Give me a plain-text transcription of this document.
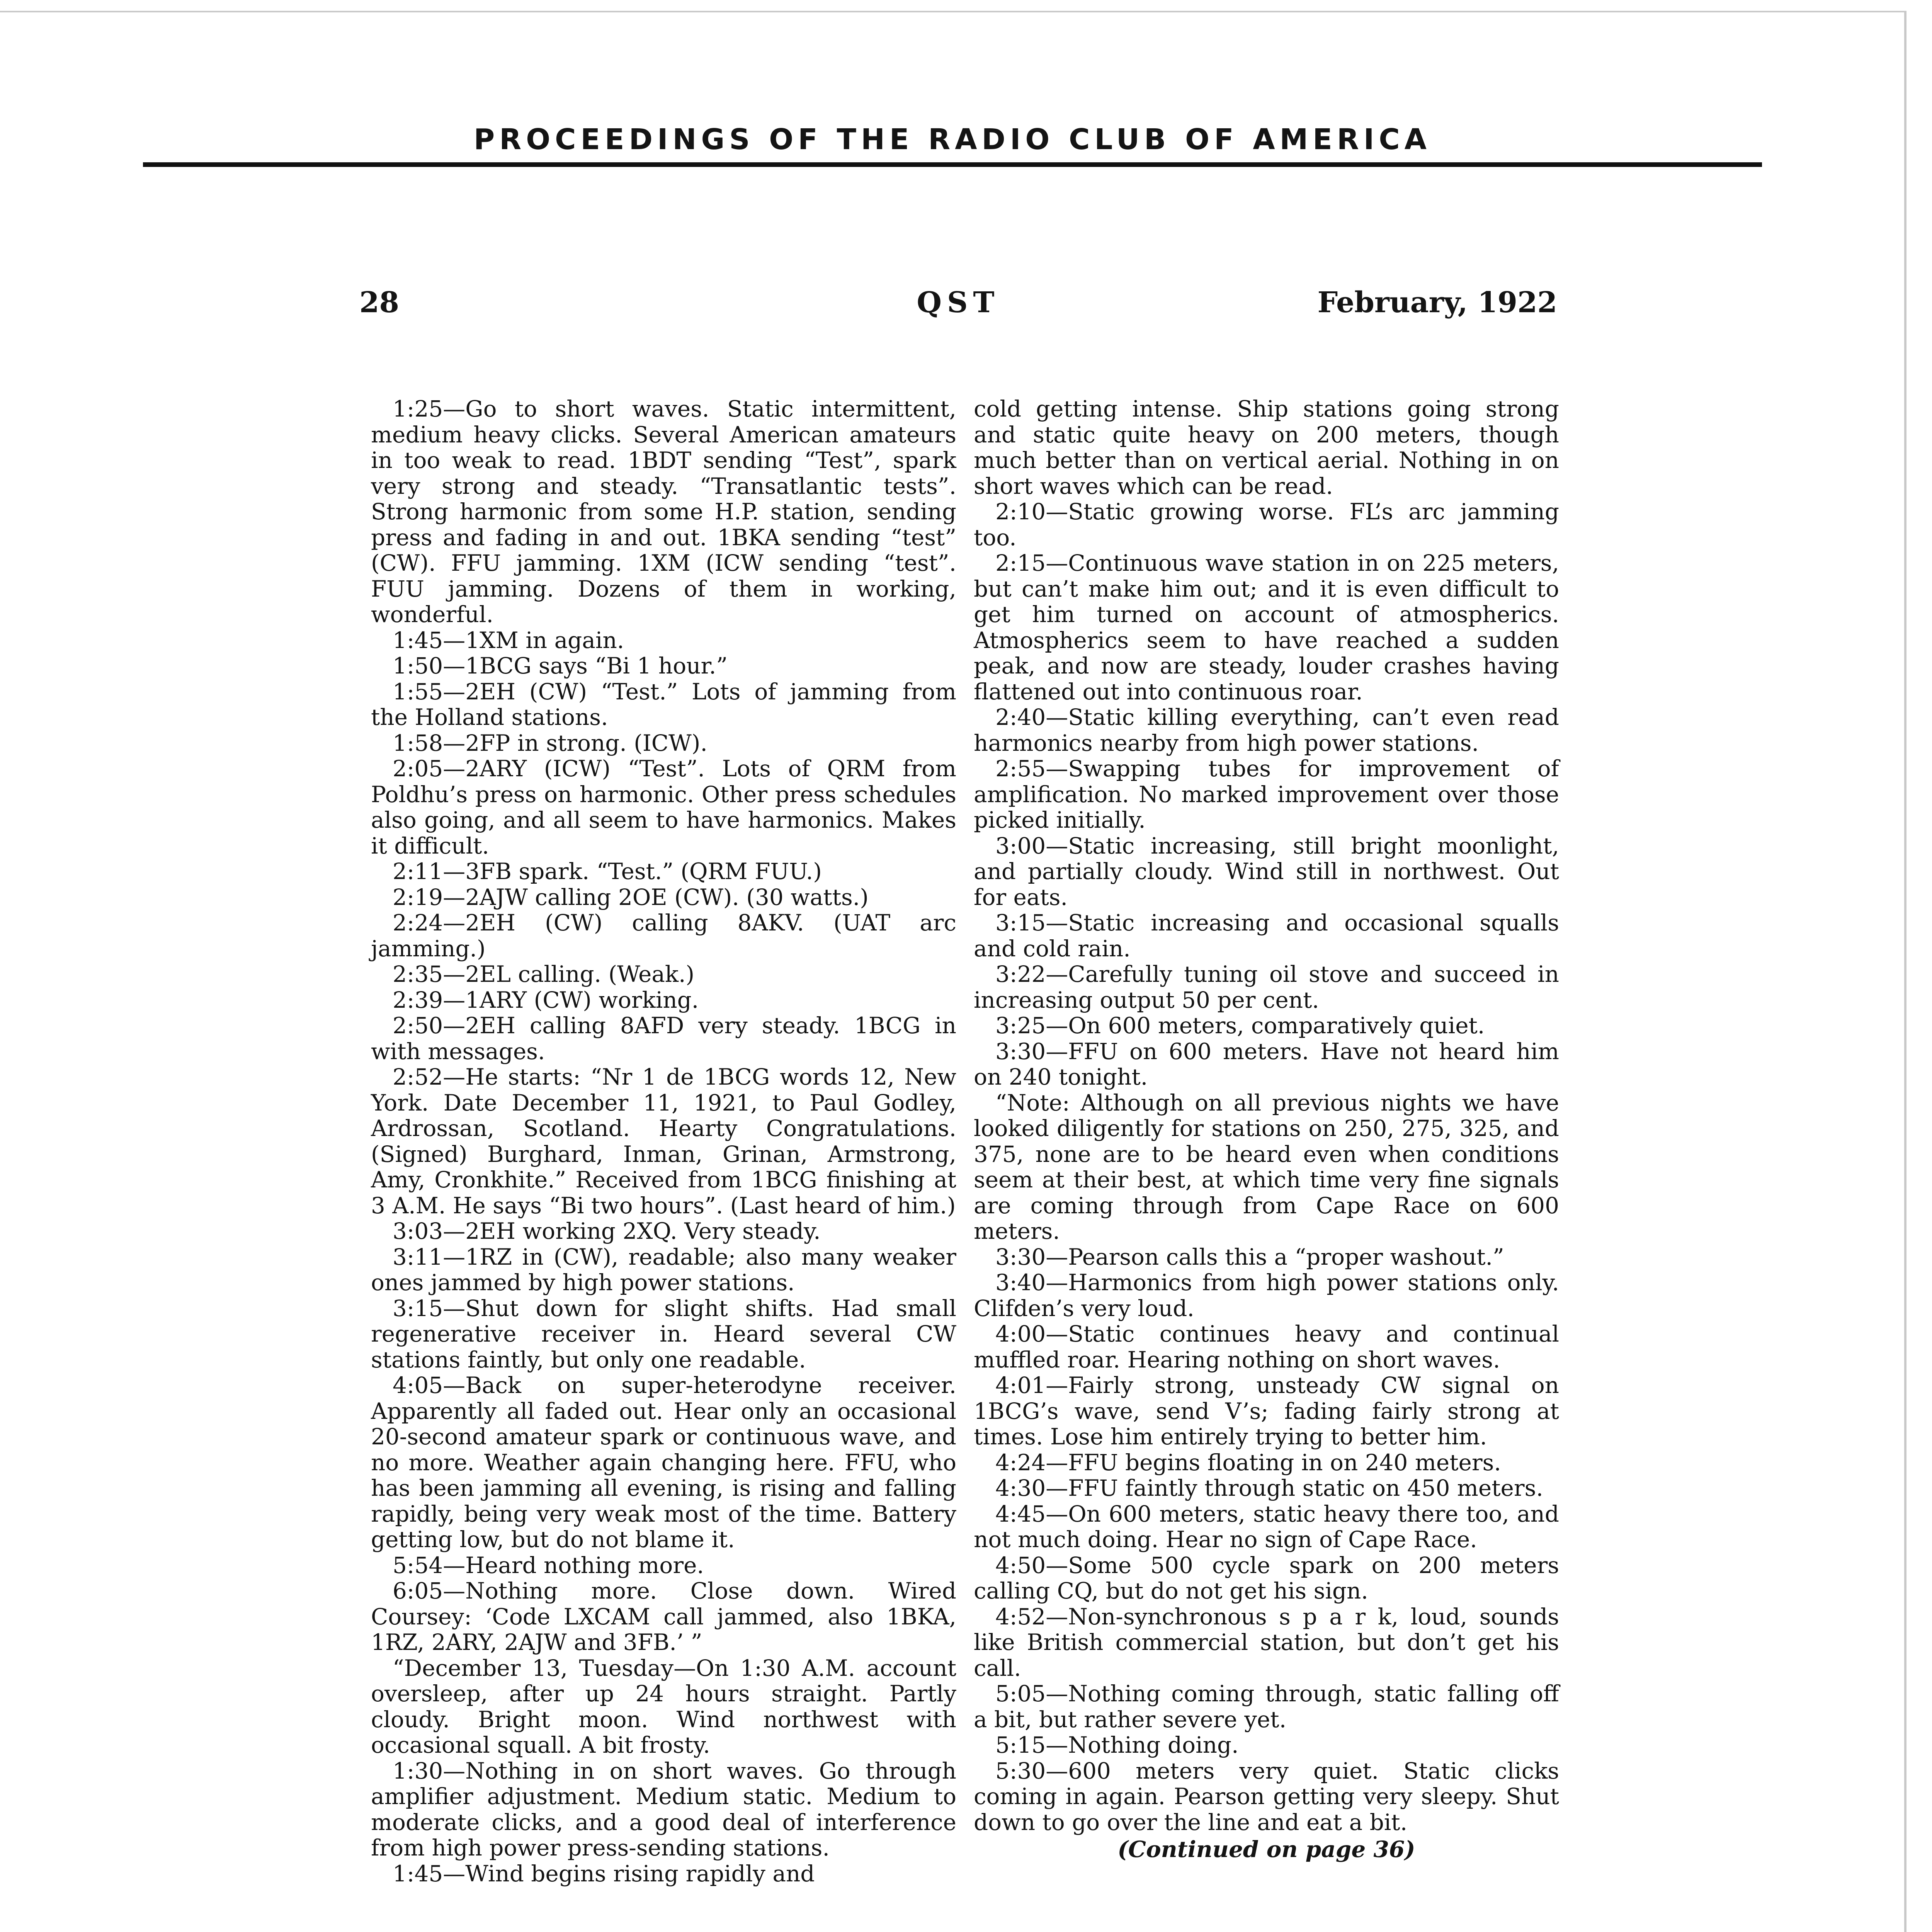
PROCEEDINGS OF THE RADIO CLUB OF AMERICA
28	QST	February, 1922

1:25—Go to short waves. Static intermittent, medium heavy clicks. Several American amateurs in too weak to read. 1BDT sending “Test”, spark very strong and steady. “Transatlantic tests”. Strong harmonic from some H.P. station, sending press and fading in and out. 1BKA sending “test” (CW). FFU jamming. 1XM (ICW sending “test”. FUU jamming. Dozens of them in working, wonderful.

1:45—1XM in again.

1:50—1BCG says “Bi 1 hour.”

1:55—2EH (CW) “Test.” Lots of jamming from the Holland stations.

1:58—2FP in strong. (ICW).

2:05—2ARY (ICW) “Test”. Lots of QRM from Poldhu’s press on harmonic. Other press schedules also going, and all seem to have harmonics. Makes it difficult.

2:11—3FB spark. “Test.” (QRM FUU.)

2:19—2AJW calling 2OE (CW). (30 watts.)

2:24—2EH (CW) calling 8AKV. (UAT arc jamming.)

2:35—2EL calling. (Weak.)

2:39—1ARY (CW) working.

2:50—2EH calling 8AFD very steady. 1BCG in with messages.

2:52—He starts: “Nr 1 de 1BCG words 12, New York. Date December 11, 1921, to Paul Godley, Ardrossan, Scotland. Hearty Congratulations. (Signed) Burghard, Inman, Grinan, Armstrong, Amy, Cronkhite.” Received from 1BCG finishing at 3 A.M. He says “Bi two hours”. (Last heard of him.)

3:03—2EH working 2XQ. Very steady.

3:11—1RZ in (CW), readable; also many weaker ones jammed by high power stations.

3:15—Shut down for slight shifts. Had small regenerative receiver in. Heard several CW stations faintly, but only one readable.

4:05—Back on super-heterodyne receiver. Apparently all faded out. Hear only an occasional 20-second amateur spark or continuous wave, and no more. Weather again changing here. FFU, who has been jamming all evening, is rising and falling rapidly, being very weak most of the time. Battery getting low, but do not blame it.

5:54—Heard nothing more.

6:05—Nothing more. Close down. Wired Coursey: ‘Code LXCAM call jammed, also 1BKA, 1RZ, 2ARY, 2AJW and 3FB.’ ”

“December 13, Tuesday—On 1:30 A.M. account oversleep, after up 24 hours straight. Partly cloudy. Bright moon. Wind northwest with occasional squall. A bit frosty.

1:30—Nothing in on short waves. Go through amplifier adjustment. Medium static. Medium to moderate clicks, and a good deal of interference from high power press-sending stations.

1:45—Wind begins rising rapidly and

cold getting intense. Ship stations going strong and static quite heavy on 200 meters, though much better than on vertical aerial. Nothing in on short waves which can be read.

2:10—Static growing worse. FL’s arc jamming too.

2:15—Continuous wave station in on 225 meters, but can’t make him out; and it is even difficult to get him turned on account of atmospherics. Atmospherics seem to have reached a sudden peak, and now are steady, louder crashes having flattened out into continuous roar.

2:40—Static killing everything, can’t even read harmonics nearby from high power stations.

2:55—Swapping tubes for improvement of amplification. No marked improvement over those picked initially.

3:00—Static increasing, still bright moonlight, and partially cloudy. Wind still in northwest. Out for eats.

3:15—Static increasing and occasional squalls and cold rain.

3:22—Carefully tuning oil stove and succeed in increasing output 50 per cent.

3:25—On 600 meters, comparatively quiet.

3:30—FFU on 600 meters. Have not heard him on 240 tonight.

“Note: Although on all previous nights we have looked diligently for stations on 250, 275, 325, and 375, none are to be heard even when conditions seem at their best, at which time very fine signals are coming through from Cape Race on 600 meters.

3:30—Pearson calls this a “proper washout.”

3:40—Harmonics from high power stations only. Clifden’s very loud.

4:00—Static continues heavy and continual muffled roar. Hearing nothing on short waves.

4:01—Fairly strong, unsteady CW signal on 1BCG’s wave, send V’s; fading fairly strong at times. Lose him entirely trying to better him.

4:24—FFU begins floating in on 240 meters.

4:30—FFU faintly through static on 450 meters.

4:45—On 600 meters, static heavy there too, and not much doing. Hear no sign of Cape Race.

4:50—Some 500 cycle spark on 200 meters calling CQ, but do not get his sign.

4:52—Non-synchronous s p a r k, loud, sounds like British commercial station, but don’t get his call.

5:05—Nothing coming through, static falling off a bit, but rather severe yet.

5:15—Nothing doing.

5:30—600 meters very quiet. Static clicks coming in again. Pearson getting very sleepy. Shut down to go over the line and eat a bit.

(Continued on page 36)
